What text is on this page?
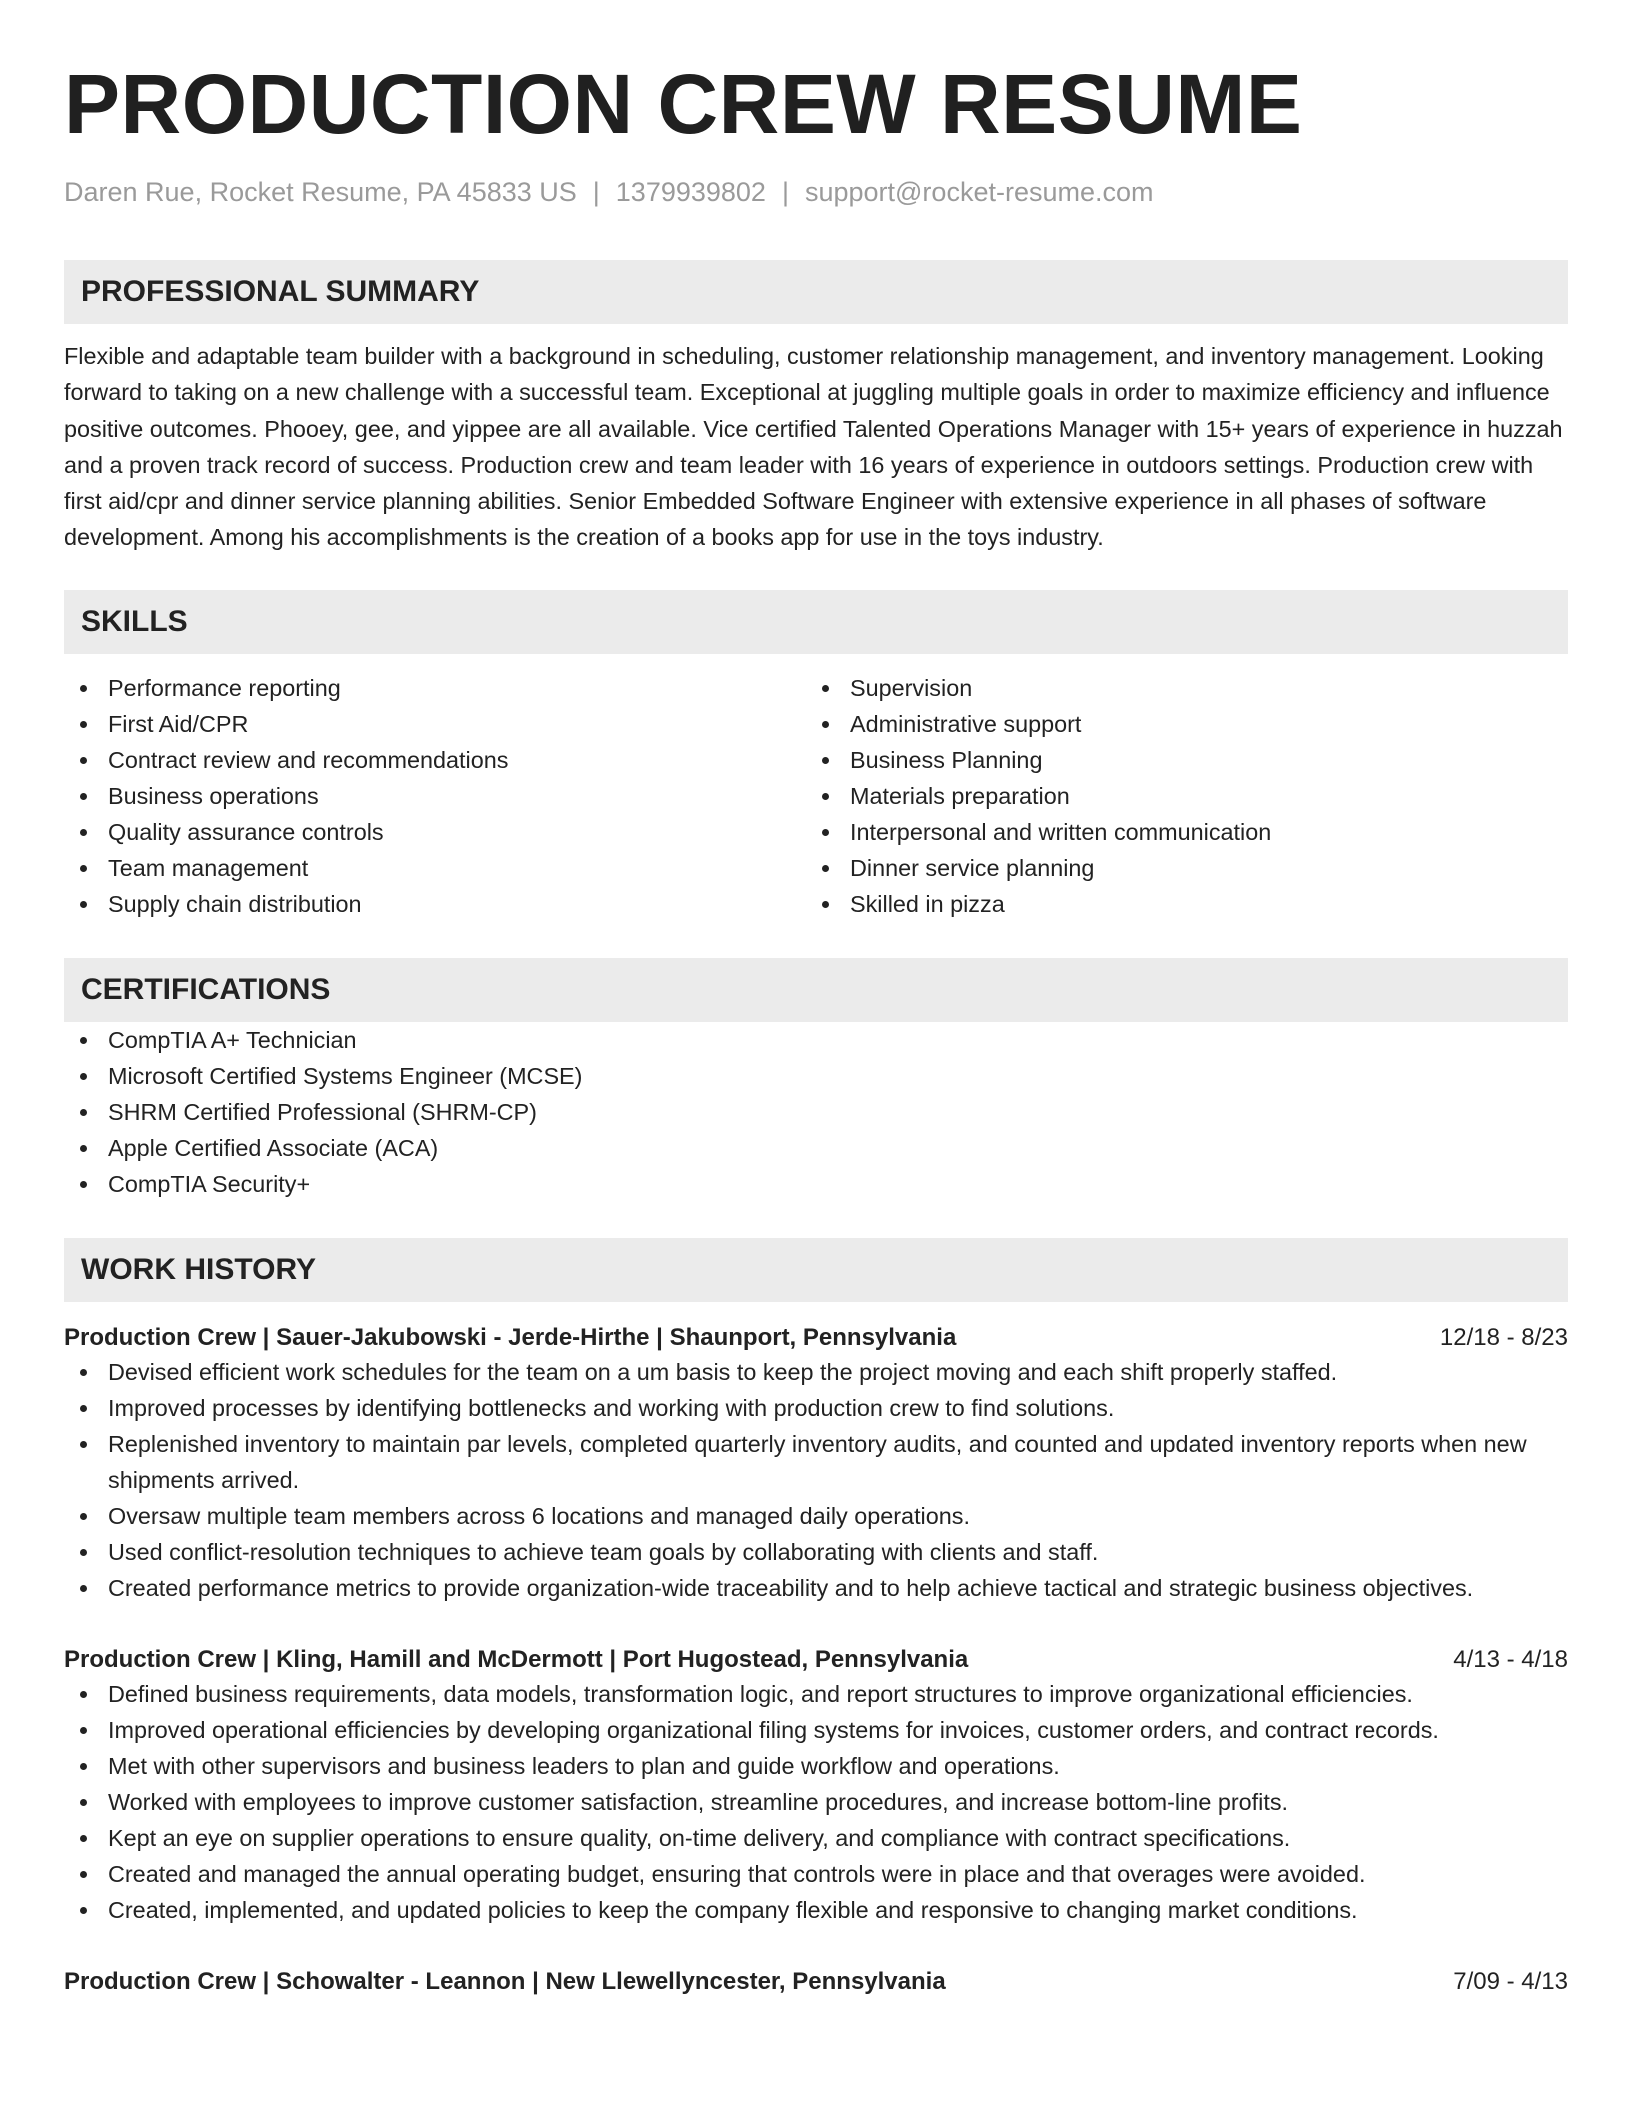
PRODUCTION CREW RESUME
Daren Rue, Rocket Resume, PA 45833 US | 1379939802 | support@rocket-resume.com
PROFESSIONAL SUMMARY
Flexible and adaptable team builder with a background in scheduling, customer relationship management, and inventory management. Looking forward to taking on a new challenge with a successful team. Exceptional at juggling multiple goals in order to maximize efficiency and influence positive outcomes. Phooey, gee, and yippee are all available. Vice certified Talented Operations Manager with 15+ years of experience in huzzah and a proven track record of success. Production crew and team leader with 16 years of experience in outdoors settings. Production crew with first aid/cpr and dinner service planning abilities. Senior Embedded Software Engineer with extensive experience in all phases of software development. Among his accomplishments is the creation of a books app for use in the toys industry.
SKILLS
Performance reporting
First Aid/CPR
Contract review and recommendations
Business operations
Quality assurance controls
Team management
Supply chain distribution
Supervision
Administrative support
Business Planning
Materials preparation
Interpersonal and written communication
Dinner service planning
Skilled in pizza
CERTIFICATIONS
CompTIA A+ Technician
Microsoft Certified Systems Engineer (MCSE)
SHRM Certified Professional (SHRM-CP)
Apple Certified Associate (ACA)
CompTIA Security+
WORK HISTORY
Production Crew | Sauer-Jakubowski - Jerde-Hirthe | Shaunport, Pennsylvania	12/18 - 8/23
Devised efficient work schedules for the team on a um basis to keep the project moving and each shift properly staffed.
Improved processes by identifying bottlenecks and working with production crew to find solutions.
Replenished inventory to maintain par levels, completed quarterly inventory audits, and counted and updated inventory reports when new shipments arrived.
Oversaw multiple team members across 6 locations and managed daily operations.
Used conflict-resolution techniques to achieve team goals by collaborating with clients and staff.
Created performance metrics to provide organization-wide traceability and to help achieve tactical and strategic business objectives.
Production Crew | Kling, Hamill and McDermott | Port Hugostead, Pennsylvania	4/13 - 4/18
Defined business requirements, data models, transformation logic, and report structures to improve organizational efficiencies.
Improved operational efficiencies by developing organizational filing systems for invoices, customer orders, and contract records.
Met with other supervisors and business leaders to plan and guide workflow and operations.
Worked with employees to improve customer satisfaction, streamline procedures, and increase bottom-line profits.
Kept an eye on supplier operations to ensure quality, on-time delivery, and compliance with contract specifications.
Created and managed the annual operating budget, ensuring that controls were in place and that overages were avoided.
Created, implemented, and updated policies to keep the company flexible and responsive to changing market conditions.
Production Crew | Schowalter - Leannon | New Llewellyncester, Pennsylvania	7/09 - 4/13
